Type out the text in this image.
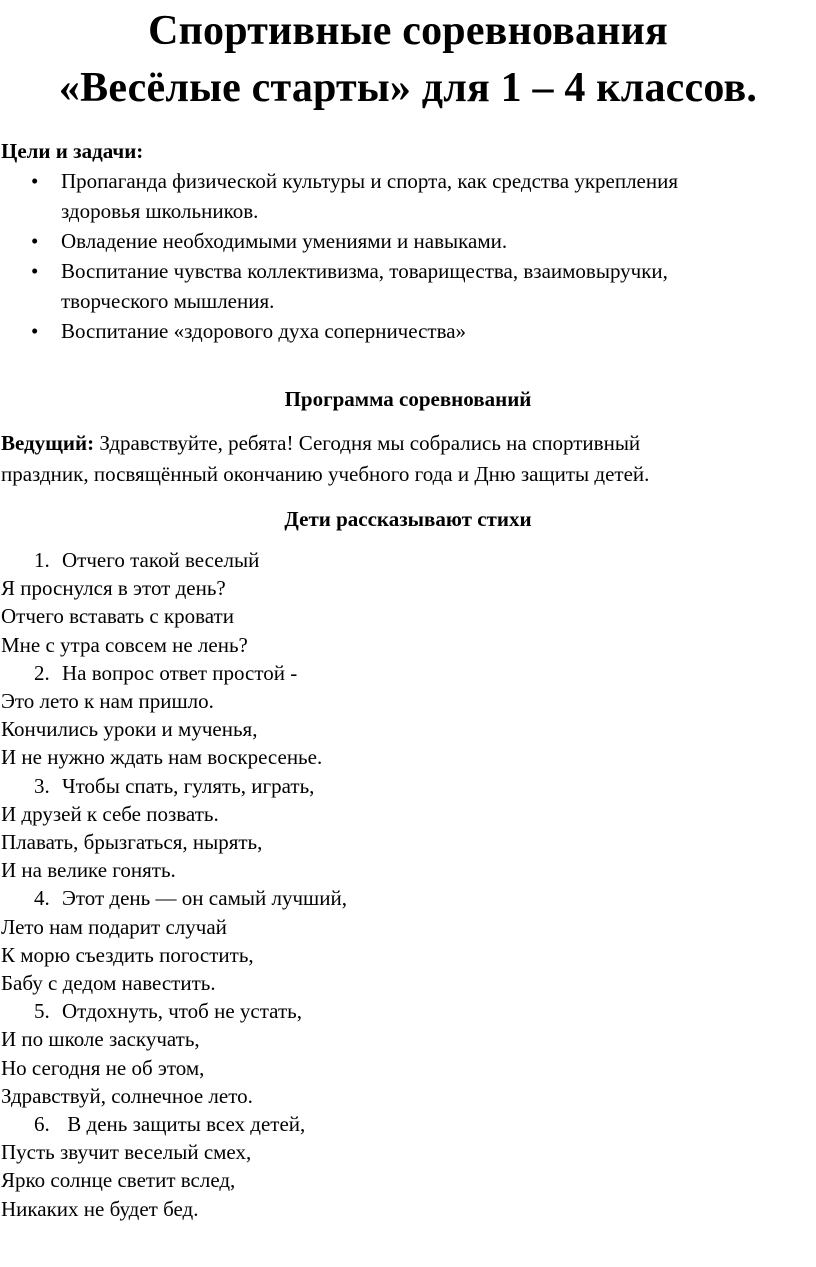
Спортивные соревнования
«Весёлые старты» для 1 – 4 классов.
Цели и задачи:
• Пропаганда физической культуры и спорта, как средства укрепления
здоровья школьников.
• Овладение необходимыми умениями и навыками.
• Воспитание чувства коллективизма, товарищества, взаимовыручки,
творческого мышления.
• Воспитание «здорового духа соперничества»
Программа соревнований
Ведущий: Здравствуйте, ребята! Сегодня мы собрались на спортивный
праздник, посвящённый окончанию учебного года и Дню защиты детей.
Дети рассказывают стихи
1. Отчего такой веселый
Я проснулся в этот день?
Отчего вставать с кровати
Мне с утра совсем не лень?
2. На вопрос ответ простой -
Это лето к нам пришло.
Кончились уроки и мученья,
И не нужно ждать нам воскресенье.
3. Чтобы спать, гулять, играть,
И друзей к себе позвать.
Плавать, брызгаться, нырять,
И на велике гонять.
4. Этот день — он самый лучший,
Лето нам подарит случай
К морю съездить погостить,
Бабу с дедом навестить.
5. Отдохнуть, чтоб не устать,
И по школе заскучать,
Но сегодня не об этом,
Здравствуй, солнечное лето.
6. В день защиты всех детей,
Пусть звучит веселый смех,
Ярко солнце светит вслед,
Никаких не будет бед.
